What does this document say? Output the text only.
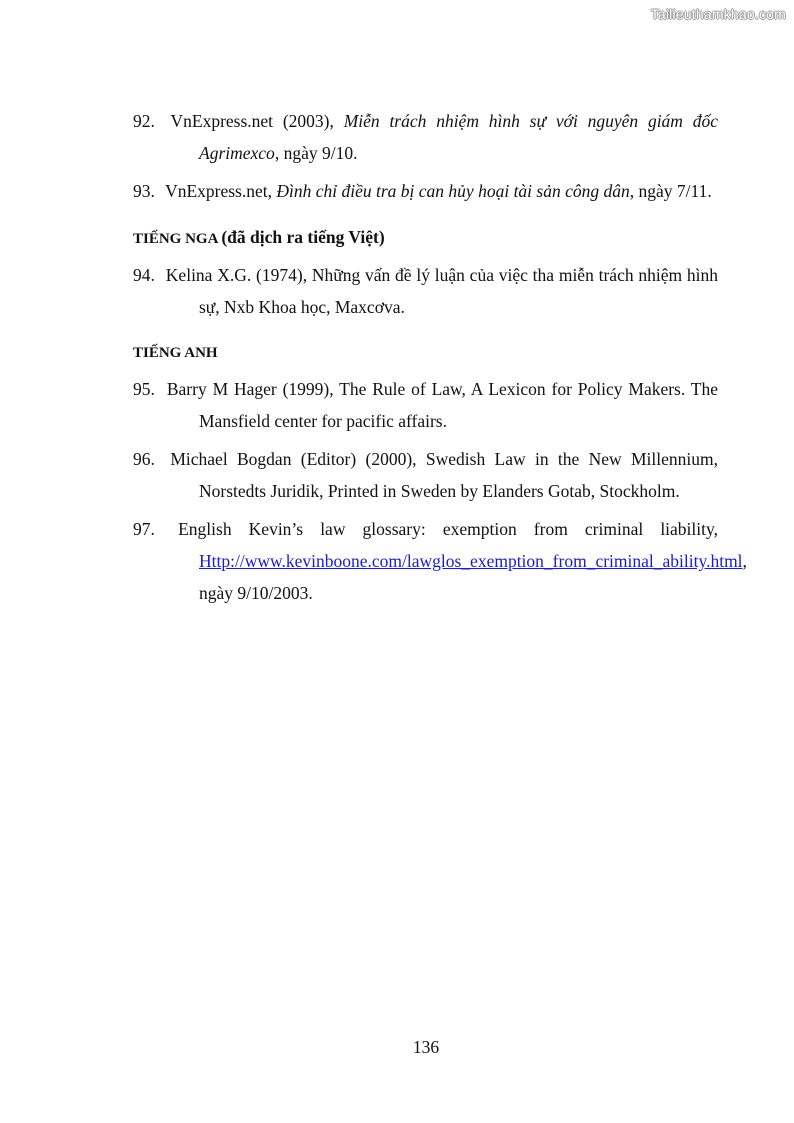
Tailieuthamkhao.com

92. VnExpress.net (2003), Miễn trách nhiệm hình sự với nguyên giám đốc Agrimexco, ngày 9/10.

93. VnExpress.net, Đình chỉ điều tra bị can hủy hoại tài sản công dân, ngày 7/11.

TIẾNG NGA (đã dịch ra tiếng Việt)

94. Kelina X.G. (1974), Những vấn đề lý luận của việc tha miễn trách nhiệm hình sự, Nxb Khoa học, Maxcơva.

TIẾNG ANH

95. Barry M Hager (1999), The Rule of Law, A Lexicon for Policy Makers. The Mansfield center for pacific affairs.

96. Michael Bogdan (Editor) (2000), Swedish Law in the New Millennium, Norstedts Juridik, Printed in Sweden by Elanders Gotab, Stockholm.

97. English Kevin’s law glossary: exemption from criminal liability, Http://www.kevinboone.com/lawglos_exemption_from_criminal_ability.html, ngày 9/10/2003.

136
